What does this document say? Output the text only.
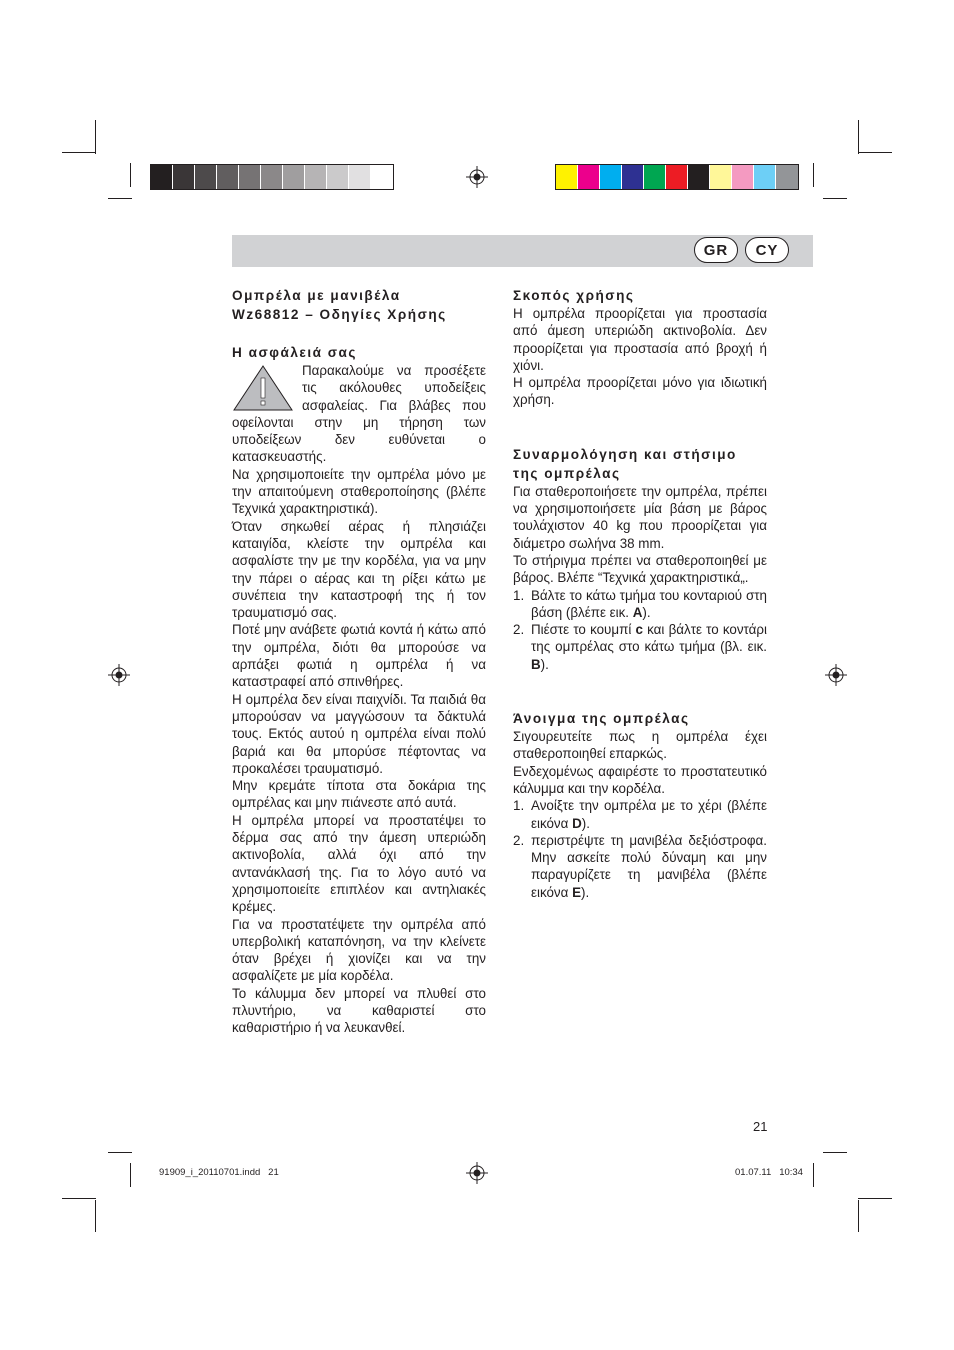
GR	CY
Ομπρέλα με μανιβέλα
Wz68812 – Οδηγίες Χρήσης
Η ασφάλειά σας

Παρακαλούμε να προσέξετε τις ακόλουθες υποδείξεις ασφαλείας. Για βλάβες που οφείλονται στην μη τήρηση των υποδείξεων δεν ευθύνεται ο κατασκευαστής.

Να χρησιμοποιείτε την ομπρέλα μόνο με την απαιτούμενη σταθεροποίησης (βλέπε Τεχνικά χαρακτηριστικά).

Όταν σηκωθεί αέρας ή πλησιάζει καταιγίδα, κλείστε την ομπρέλα και ασφαλίστε την με την κορδέλα, για να μην την πάρει ο αέρας και τη ρίξει κάτω με συνέπεια την καταστροφή της ή τον τραυματισμό σας.

Ποτέ μην ανάβετε φωτιά κοντά ή κάτω από την ομπρέλα, διότι θα μπορούσε να αρπάξει φωτιά η ομπρέλα ή να καταστραφεί από σπινθήρες.

Η ομπρέλα δεν είναι παιχνίδι. Τα παιδιά θα μπορούσαν να μαγγώσουν τα δάκτυλά τους. Εκτός αυτού η ομπρέλα είναι πολύ βαριά και θα μπορύσε πέφτοντας να προκαλέσει τραυματισμό.

Μην κρεμάτε τίποτα στα δοκάρια της ομπρέλας και μην πιάνεστε από αυτά.

Η ομπρέλα μπορεί να προστατέψει το δέρμα σας από την άμεση υπεριώδη ακτινοβολία, αλλά όχι από την αντανάκλασή της. Για το λόγο αυτό να χρησιμοποιείτε επιπλέον και αντηλιακές κρέμες.

Για να προστατέψετε την ομπρέλα από υπερβολική καταπόνηση, να την κλείνετε όταν βρέχει ή χιονίζει και να την ασφαλίζετε με μία κορδέλα.

Το κάλυμμα δεν μπορεί να πλυθεί στο πλυντήριο, να καθαριστεί στο καθαριστήριο ή να λευκανθεί.

Σκοπός χρήσης

Η ομπρέλα προορίζεται για προστασία από άμεση υπεριώδη ακτινοβολία. Δεν προορίζεται για προστασία από βροχή ή χιόνι.

Η ομπρέλα προορίζεται μόνο για ιδιωτική χρήση.

Συναρμολόγηση και στήσιμο
της ομπρέλας

Για σταθεροποιήσετε την ομπρέλα, πρέπει να χρησιμοποιήσετε μία βάση με βάρος τουλάχιστον 40 kg που προορίζεται για διάμετρο σωλήνα 38 mm.

Το στήριγμα πρέπει να σταθεροποιηθεί με βάρος. Βλέπε “Τεχνικά χαρακτηριστικά„.

1. Βάλτε το κάτω τμήμα του κονταριού στη βάση (βλέπε εικ. A).
2. Πιέστε το κουμπί c και βάλτε το κοντάρι της ομπρέλας στο κάτω τμήμα (βλ. εικ. B).
Άνοιγμα της ομπρέλας

Σιγουρευτείτε πως η ομπρέλα έχει σταθεροποιηθεί επαρκώς.

Ενδεχομένως αφαιρέστε το προστατευτικό κάλυμμα και την κορδέλα.

1. Ανοίξτε την ομπρέλα με το χέρι (βλέπε εικόνα D).
2. περιστρέψτε τη μανιβέλα δεξιόστροφα. Μην ασκείτε πολύ δύναμη και μην παραγυρίζετε τη μανιβέλα (βλέπε εικόνα E).
21
91909_i_20110701.indd   21	01.07.11   10:34
